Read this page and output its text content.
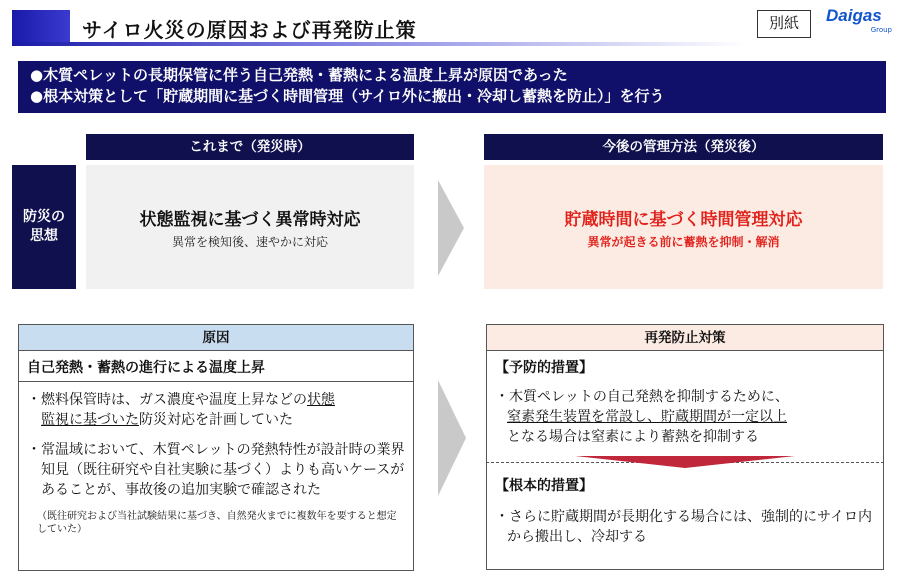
サイロ火災の原因および再発防止策	別紙	Daigas
Group
●木質ペレットの長期保管に伴う自己発熱・蓄熱による温度上昇が原因であった
●根本対策として「貯蔵期間に基づく時間管理（サイロ外に搬出・冷却し蓄熱を防止）」を行う
これまで（発災時）	今後の管理方法（発災後）
防災の
思想
状態監視に基づく異常時対応
異常を検知後、速やかに対応
貯蔵時間に基づく時間管理対応
異常が起きる前に蓄熱を抑制・解消
原因
自己発熱・蓄熱の進行による温度上昇
・燃料保管時は、ガス濃度や温度上昇などの状態
監視に基づいた防災対応を計画していた
・常温域において、木質ペレットの発熱特性が設計時の業界知見（既往研究や自社実験に基づく）よりも高いケースがあることが、事故後の追加実験で確認された
（既往研究および当社試験結果に基づき、自然発火までに複数年を要すると想定していた）
再発防止対策
【予防的措置】
・木質ペレットの自己発熱を抑制するために、
窒素発生装置を常設し、貯蔵期間が一定以上
となる場合は窒素により蓄熱を抑制する
【根本的措置】
・さらに貯蔵期間が長期化する場合には、強制的にサイロ内から搬出し、冷却する
